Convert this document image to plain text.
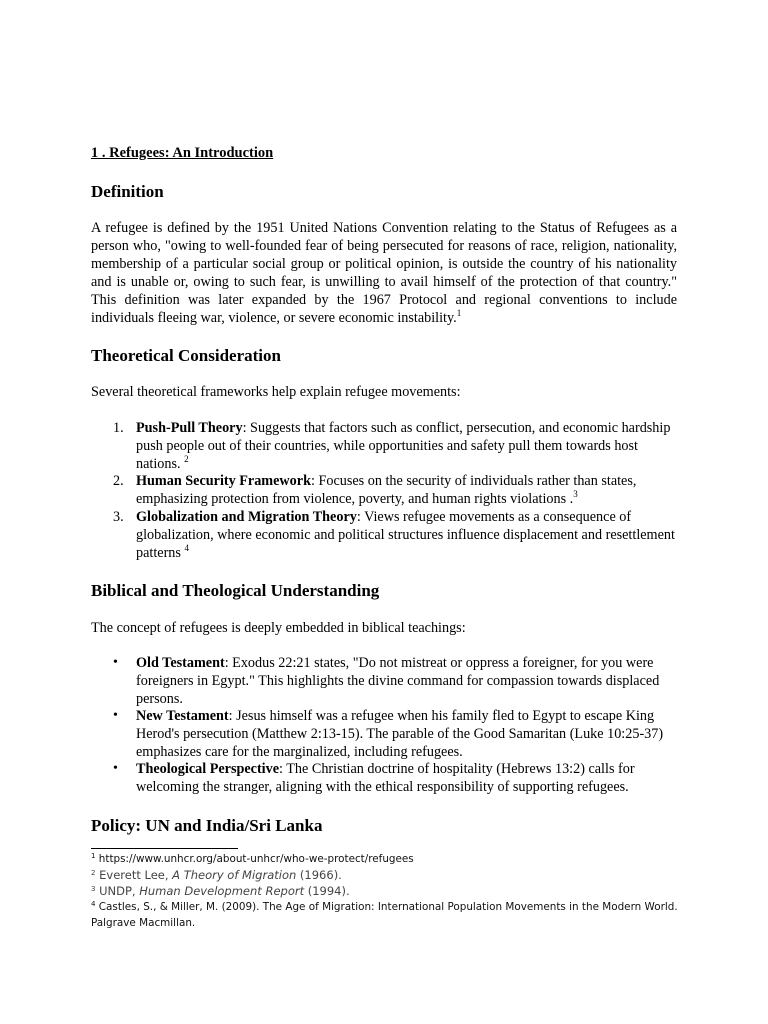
1 . Refugees: An Introduction
Definition

A refugee is defined by the 1951 United Nations Convention relating to the Status of Refugees as a person who, "owing to well-founded fear of being persecuted for reasons of race, religion, nationality, membership of a particular social group or political opinion, is outside the country of his nationality and is unable or, owing to such fear, is unwilling to avail himself of the protection of that country." This definition was later expanded by the 1967 Protocol and regional conventions to include individuals fleeing war, violence, or severe economic instability.$^1$

Theoretical Consideration

Several theoretical frameworks help explain refugee movements:

1. Push-Pull Theory: Suggests that factors such as conflict, persecution, and economic hardship push people out of their countries, while opportunities and safety pull them towards host nations. $^2$
2. Human Security Framework: Focuses on the security of individuals rather than states, emphasizing protection from violence, poverty, and human rights violations .$^3$
3. Globalization and Migration Theory: Views refugee movements as a consequence of globalization, where economic and political structures influence displacement and resettlement patterns $^4$
Biblical and Theological Understanding

The concept of refugees is deeply embedded in biblical teachings:

• Old Testament: Exodus 22:21 states, "Do not mistreat or oppress a foreigner, for you were foreigners in Egypt." This highlights the divine command for compassion towards displaced persons.
• New Testament: Jesus himself was a refugee when his family fled to Egypt to escape King Herod's persecution (Matthew 2:13-15). The parable of the Good Samaritan (Luke 10:25-37) emphasizes care for the marginalized, including refugees.
• Theological Perspective: The Christian doctrine of hospitality (Hebrews 13:2) calls for welcoming the stranger, aligning with the ethical responsibility of supporting refugees.
Policy: UN and India/Sri Lanka

$^1$ https://www.unhcr.org/about-unhcr/who-we-protect/refugees

$^2$ Everett Lee, A Theory of Migration (1966).

$^3$ UNDP, Human Development Report (1994).

$^4$ Castles, S., & Miller, M. (2009). The Age of Migration: International Population Movements in the Modern World. Palgrave Macmillan.
